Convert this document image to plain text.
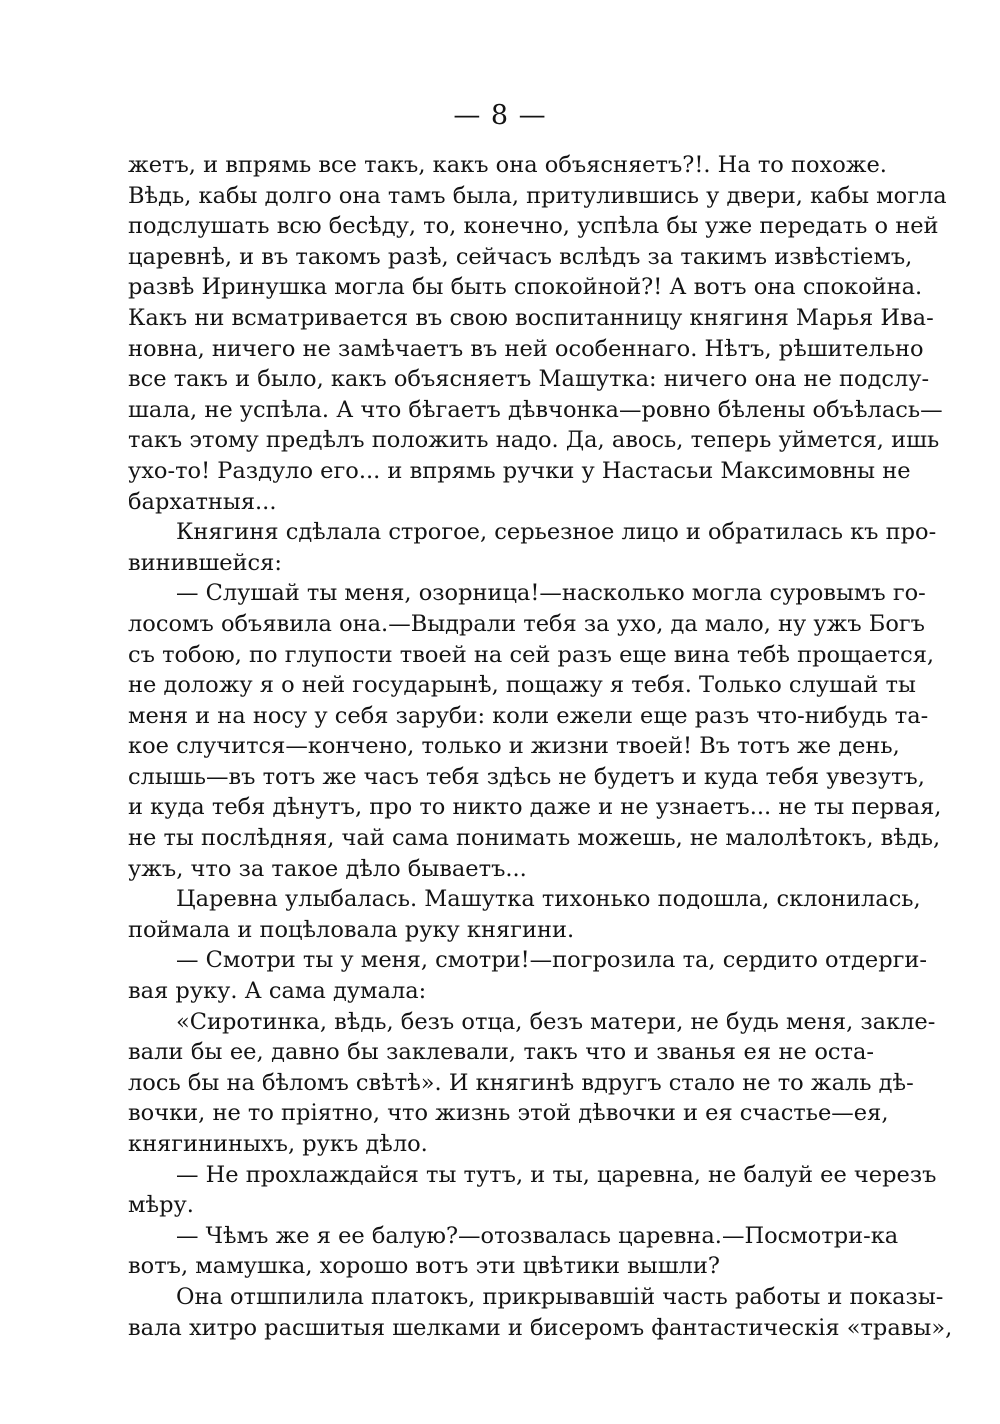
— 8 —
жетъ, и впрямь все такъ, какъ она объясняетъ?!. На то похоже.
Вѣдь, кабы долго она тамъ была, притулившись у двери, кабы могла
подслушать всю бесѣду, то, конечно, успѣла бы уже передать о ней
царевнѣ, и въ такомъ разѣ, сейчасъ вслѣдъ за такимъ извѣстіемъ,
развѣ Иринушка могла бы быть спокойной?! А вотъ она спокойна.
Какъ ни всматривается въ свою воспитанницу княгиня Марья Ива-
новна, ничего не замѣчаетъ въ ней особеннаго. Нѣтъ, рѣшительно
все такъ и было, какъ объясняетъ Машутка: ничего она не подслу-
шала, не успѣла. А что бѣгаетъ дѣвчонка—ровно бѣлены объѣлась—
такъ этому предѣлъ положить надо. Да, авось, теперь уймется, ишь
ухо-то! Раздуло его... и впрямь ручки у Настасьи Максимовны не
бархатныя...
Княгиня сдѣлала строгое, серьезное лицо и обратилась къ про-
винившейся:
— Слушай ты меня, озорница!—насколько могла суровымъ го-
лосомъ объявила она.—Выдрали тебя за ухо, да мало, ну ужъ Богъ
съ тобою, по глупости твоей на сей разъ еще вина тебѣ прощается,
не доложу я о ней государынѣ, пощажу я тебя. Только слушай ты
меня и на носу у себя заруби: коли ежели еще разъ что-нибудь та-
кое случится—кончено, только и жизни твоей! Въ тотъ же день,
слышь—въ тотъ же часъ тебя здѣсь не будетъ и куда тебя увезутъ,
и куда тебя дѣнутъ, про то никто даже и не узнаетъ... не ты первая,
не ты послѣдняя, чай сама понимать можешь, не малолѣтокъ, вѣдь,
ужъ, что за такое дѣло бываетъ...
Царевна улыбалась. Машутка тихонько подошла, склонилась,
поймала и поцѣловала руку княгини.
— Смотри ты у меня, смотри!—погрозила та, сердито отдерги-
вая руку. А сама думала:
«Сиротинка, вѣдь, безъ отца, безъ матери, не будь меня, закле-
вали бы ее, давно бы заклевали, такъ что и званья ея не оста-
лось бы на бѣломъ свѣтѣ». И княгинѣ вдругъ стало не то жаль дѣ-
вочки, не то пріятно, что жизнь этой дѣвочки и ея счастье—ея,
княгининыхъ, рукъ дѣло.
— Не прохлаждайся ты тутъ, и ты, царевна, не балуй ее черезъ
мѣру.
— Чѣмъ же я ее балую?—отозвалась царевна.—Посмотри-ка
вотъ, мамушка, хорошо вотъ эти цвѣтики вышли?
Она отшпилила платокъ, прикрывавшій часть работы и показы-
вала хитро расшитыя шелками и бисеромъ фантастическія «травы»,
